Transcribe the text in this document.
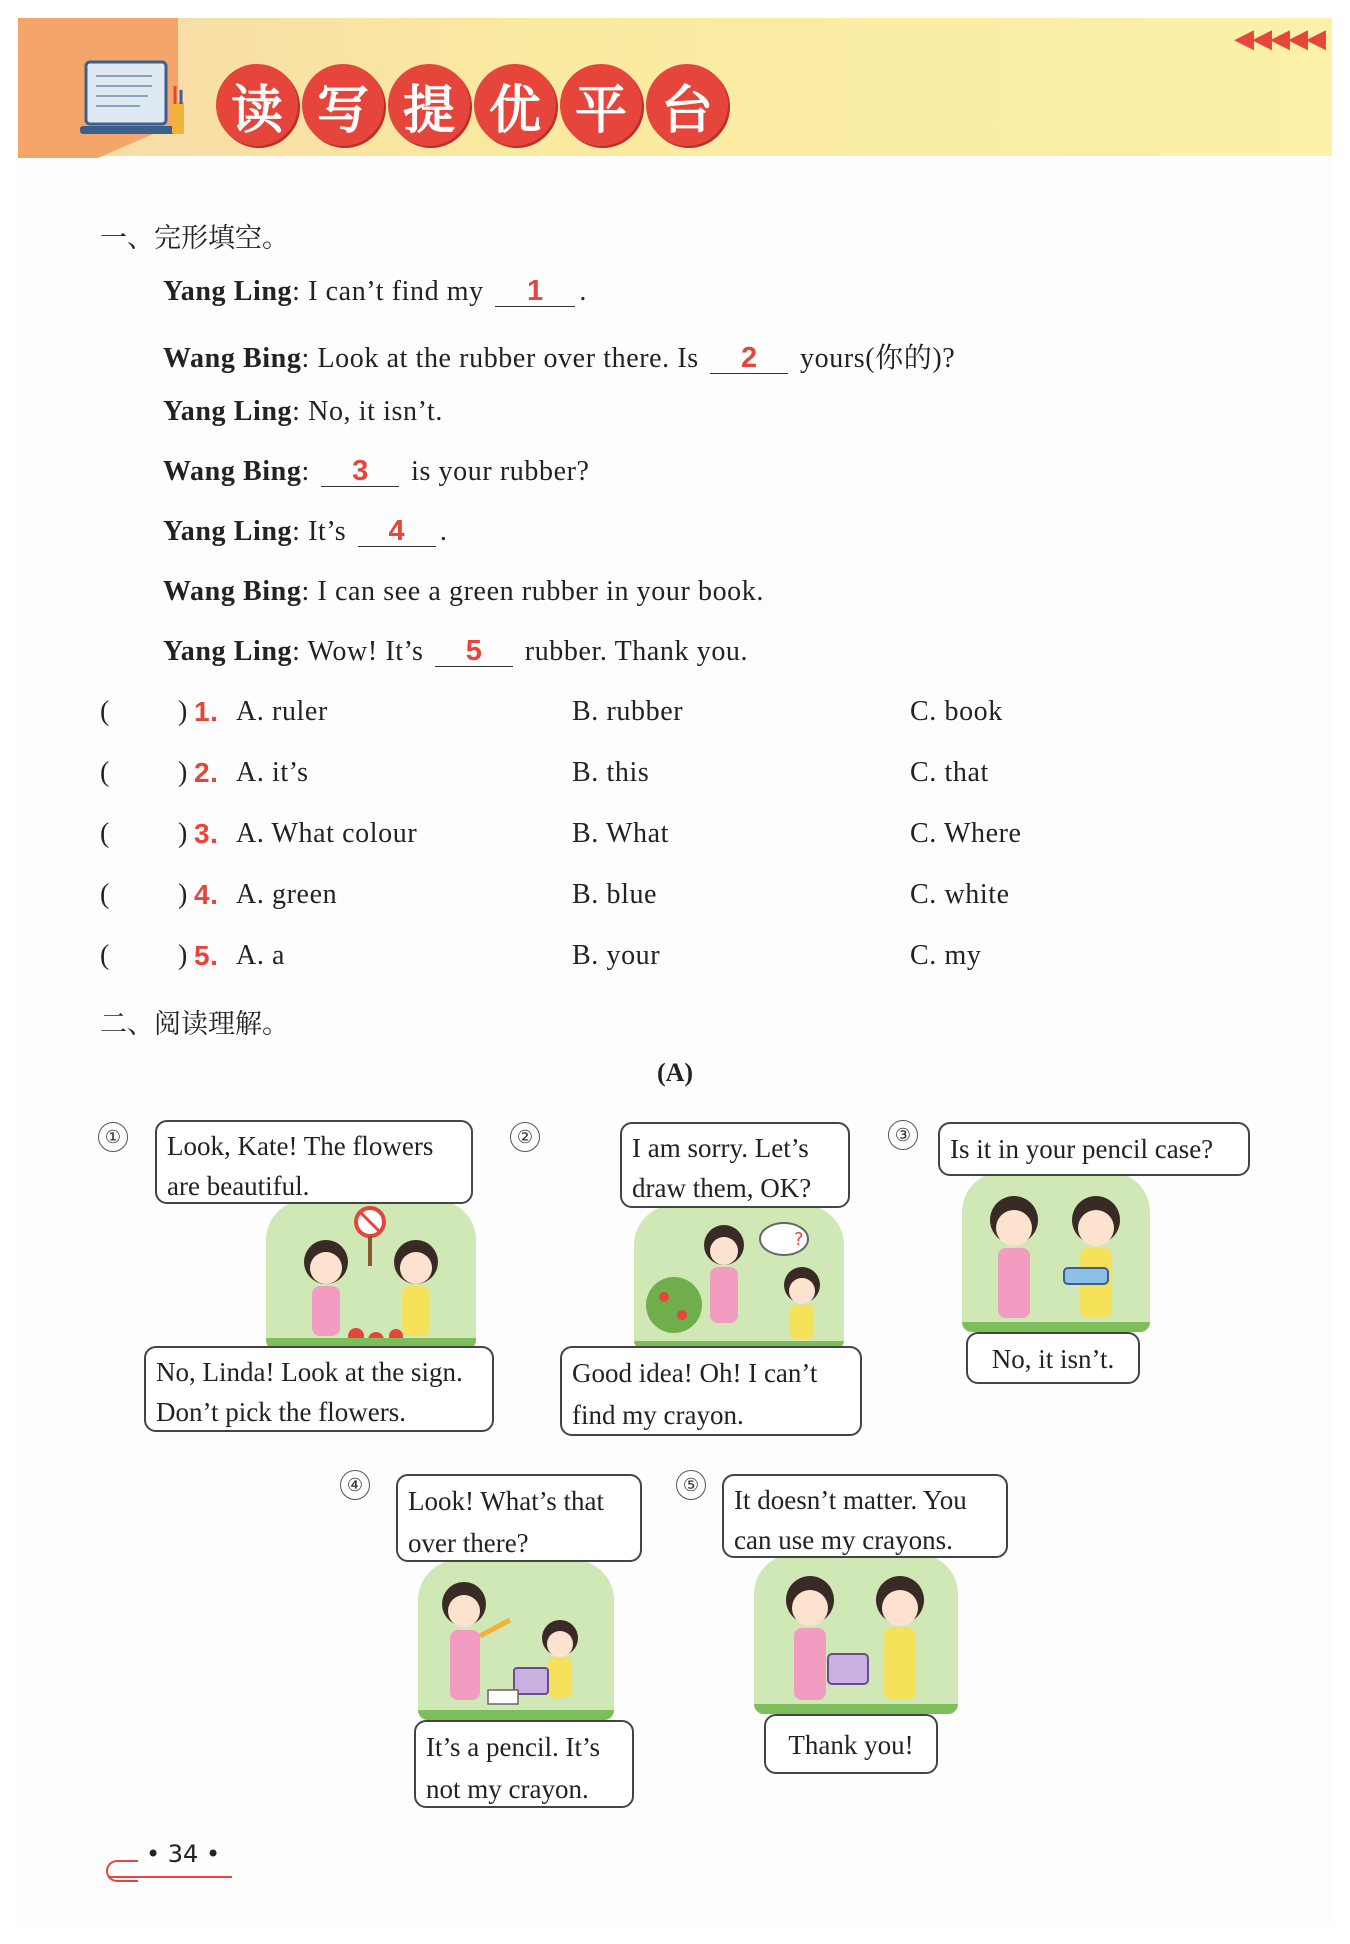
◀◀◀◀◀
读 写 提 优 平 台
一、完形填空。
Yang Ling: I can’t find my 1 .
Wang Bing: Look at the rubber over there. Is 2 yours(你的)?
Yang Ling: No, it isn’t.
Wang Bing: 3 is your rubber?
Yang Ling: It’s 4 .
Wang Bing: I can see a green rubber in your book.
Yang Ling: Wow! It’s 5 rubber. Thank you.
( ) 1. A. ruler	B. rubber	C. book
( ) 2. A. it’s	B. this	C. that
( ) 3. A. What colour	B. What	C. Where
( ) 4. A. green	B. blue	C. white
( ) 5. A. a	B. your	C. my
二、阅读理解。
(A)
① Look, Kate! The flowers
are beautiful.
No, Linda! Look at the sign.
Don’t pick the flowers.
②
?
I am sorry. Let’s
draw them, OK?
Good idea! Oh! I can’t
find my crayon.
③ Is it in your pencil case?
No, it isn’t.
④
Look! What’s that
over there?
It’s a pencil. It’s
not my crayon.
⑤ It doesn’t matter. You
can use my crayons.
Thank you!
• 34 •
